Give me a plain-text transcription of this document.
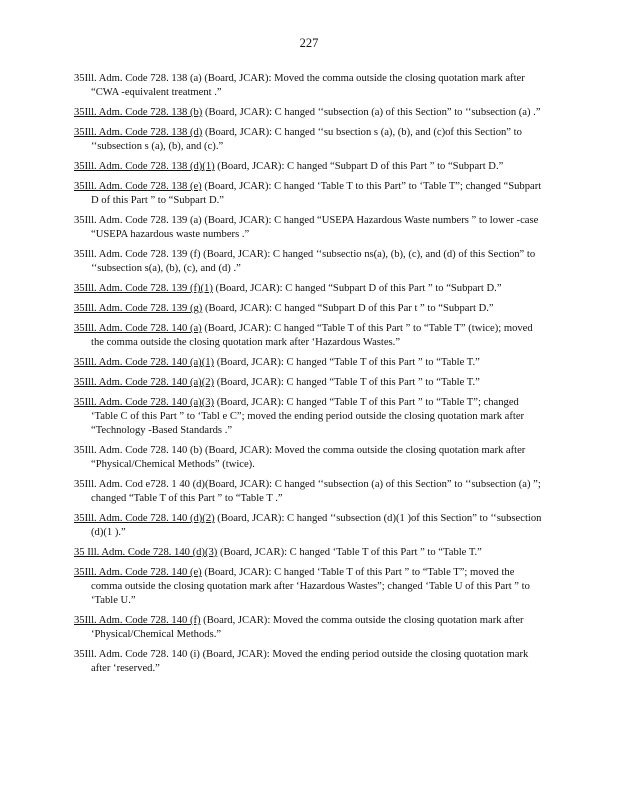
227

35Ill. Adm. Code 728. 138 (a) (Board, JCAR): Moved the comma outside the closing quotation mark after “CWA -equivalent treatment .”

35Ill. Adm. Code 728. 138 (b) (Board, JCAR): C hanged ‘‘subsection (a) of this Section” to ‘‘subsection (a) .”

35Ill. Adm. Code 728. 138 (d) (Board, JCAR): C hanged ‘‘su bsection s (a), (b), and (c)of this Section” to ‘‘subsection s (a), (b), and (c).”

35Ill. Adm. Code 728. 138 (d)(1) (Board, JCAR): C hanged “Subpart D of this Part ” to “Subpart D.”

35Ill. Adm. Code 728. 138 (e) (Board, JCAR): C hanged ‘Table T to this Part” to ‘Table T”; changed “Subpart D of this Part ” to “Subpart D.”

35Ill. Adm. Code 728. 139 (a) (Board, JCAR): C hanged “USEPA Hazardous Waste numbers ” to lower -case “USEPA hazardous waste numbers .”

35Ill. Adm. Code 728. 139 (f) (Board, JCAR): C hanged ‘‘subsectio ns(a), (b), (c), and (d) of this Section” to ‘‘subsection s(a), (b), (c), and (d) .”

35Ill. Adm. Code 728. 139 (f)(1) (Board, JCAR): C hanged “Subpart D of this Part ” to “Subpart D.”

35Ill. Adm. Code 728. 139 (g) (Board, JCAR): C hanged “Subpart D of this Par t ” to “Subpart D.”

35Ill. Adm. Code 728. 140 (a) (Board, JCAR): C hanged “Table T of this Part ” to “Table T” (twice); moved the comma outside the closing quotation mark after ‘Hazardous Wastes.”

35Ill. Adm. Code 728. 140 (a)(1) (Board, JCAR): C hanged “Table T of this Part ” to “Table T.”

35Ill. Adm. Code 728. 140 (a)(2) (Board, JCAR): C hanged “Table T of this Part ” to “Table T.”

35Ill. Adm. Code 728. 140 (a)(3) (Board, JCAR): C hanged “Table T of this Part ” to “Table T”; changed ‘Table C of this Part ” to ‘Tabl e C”; moved the ending period outside the closing quotation mark after “Technology -Based Standards .”

35Ill. Adm. Code 728. 140 (b) (Board, JCAR): Moved the comma outside the closing quotation mark after “Physical/Chemical Methods” (twice).

35Ill. Adm. Cod e728. 1 40 (d)(Board, JCAR): C hanged ‘‘subsection (a) of this Section” to ‘‘subsection (a) ”; changed “Table T of this Part ” to “Table T .”

35Ill. Adm. Code 728. 140 (d)(2) (Board, JCAR): C hanged ‘‘subsection (d)(1 )of this Section” to ‘‘subsection (d)(1 ).”

35 Ill. Adm. Code 728. 140 (d)(3) (Board, JCAR): C hanged ‘Table T of this Part ” to “Table T.”

35Ill. Adm. Code 728. 140 (e) (Board, JCAR): C hanged ‘Table T of this Part ” to “Table T”; moved the comma outside the closing quotation mark after ‘Hazardous Wastes”; changed ‘Table U of this Part ” to ‘Table U.”

35Ill. Adm. Code 728. 140 (f) (Board, JCAR): Moved the comma outside the closing quotation mark after ‘Physical/Chemical Methods.”

35Ill. Adm. Code 728. 140 (i) (Board, JCAR): Moved the ending period outside the closing quotation mark after ‘reserved.”
